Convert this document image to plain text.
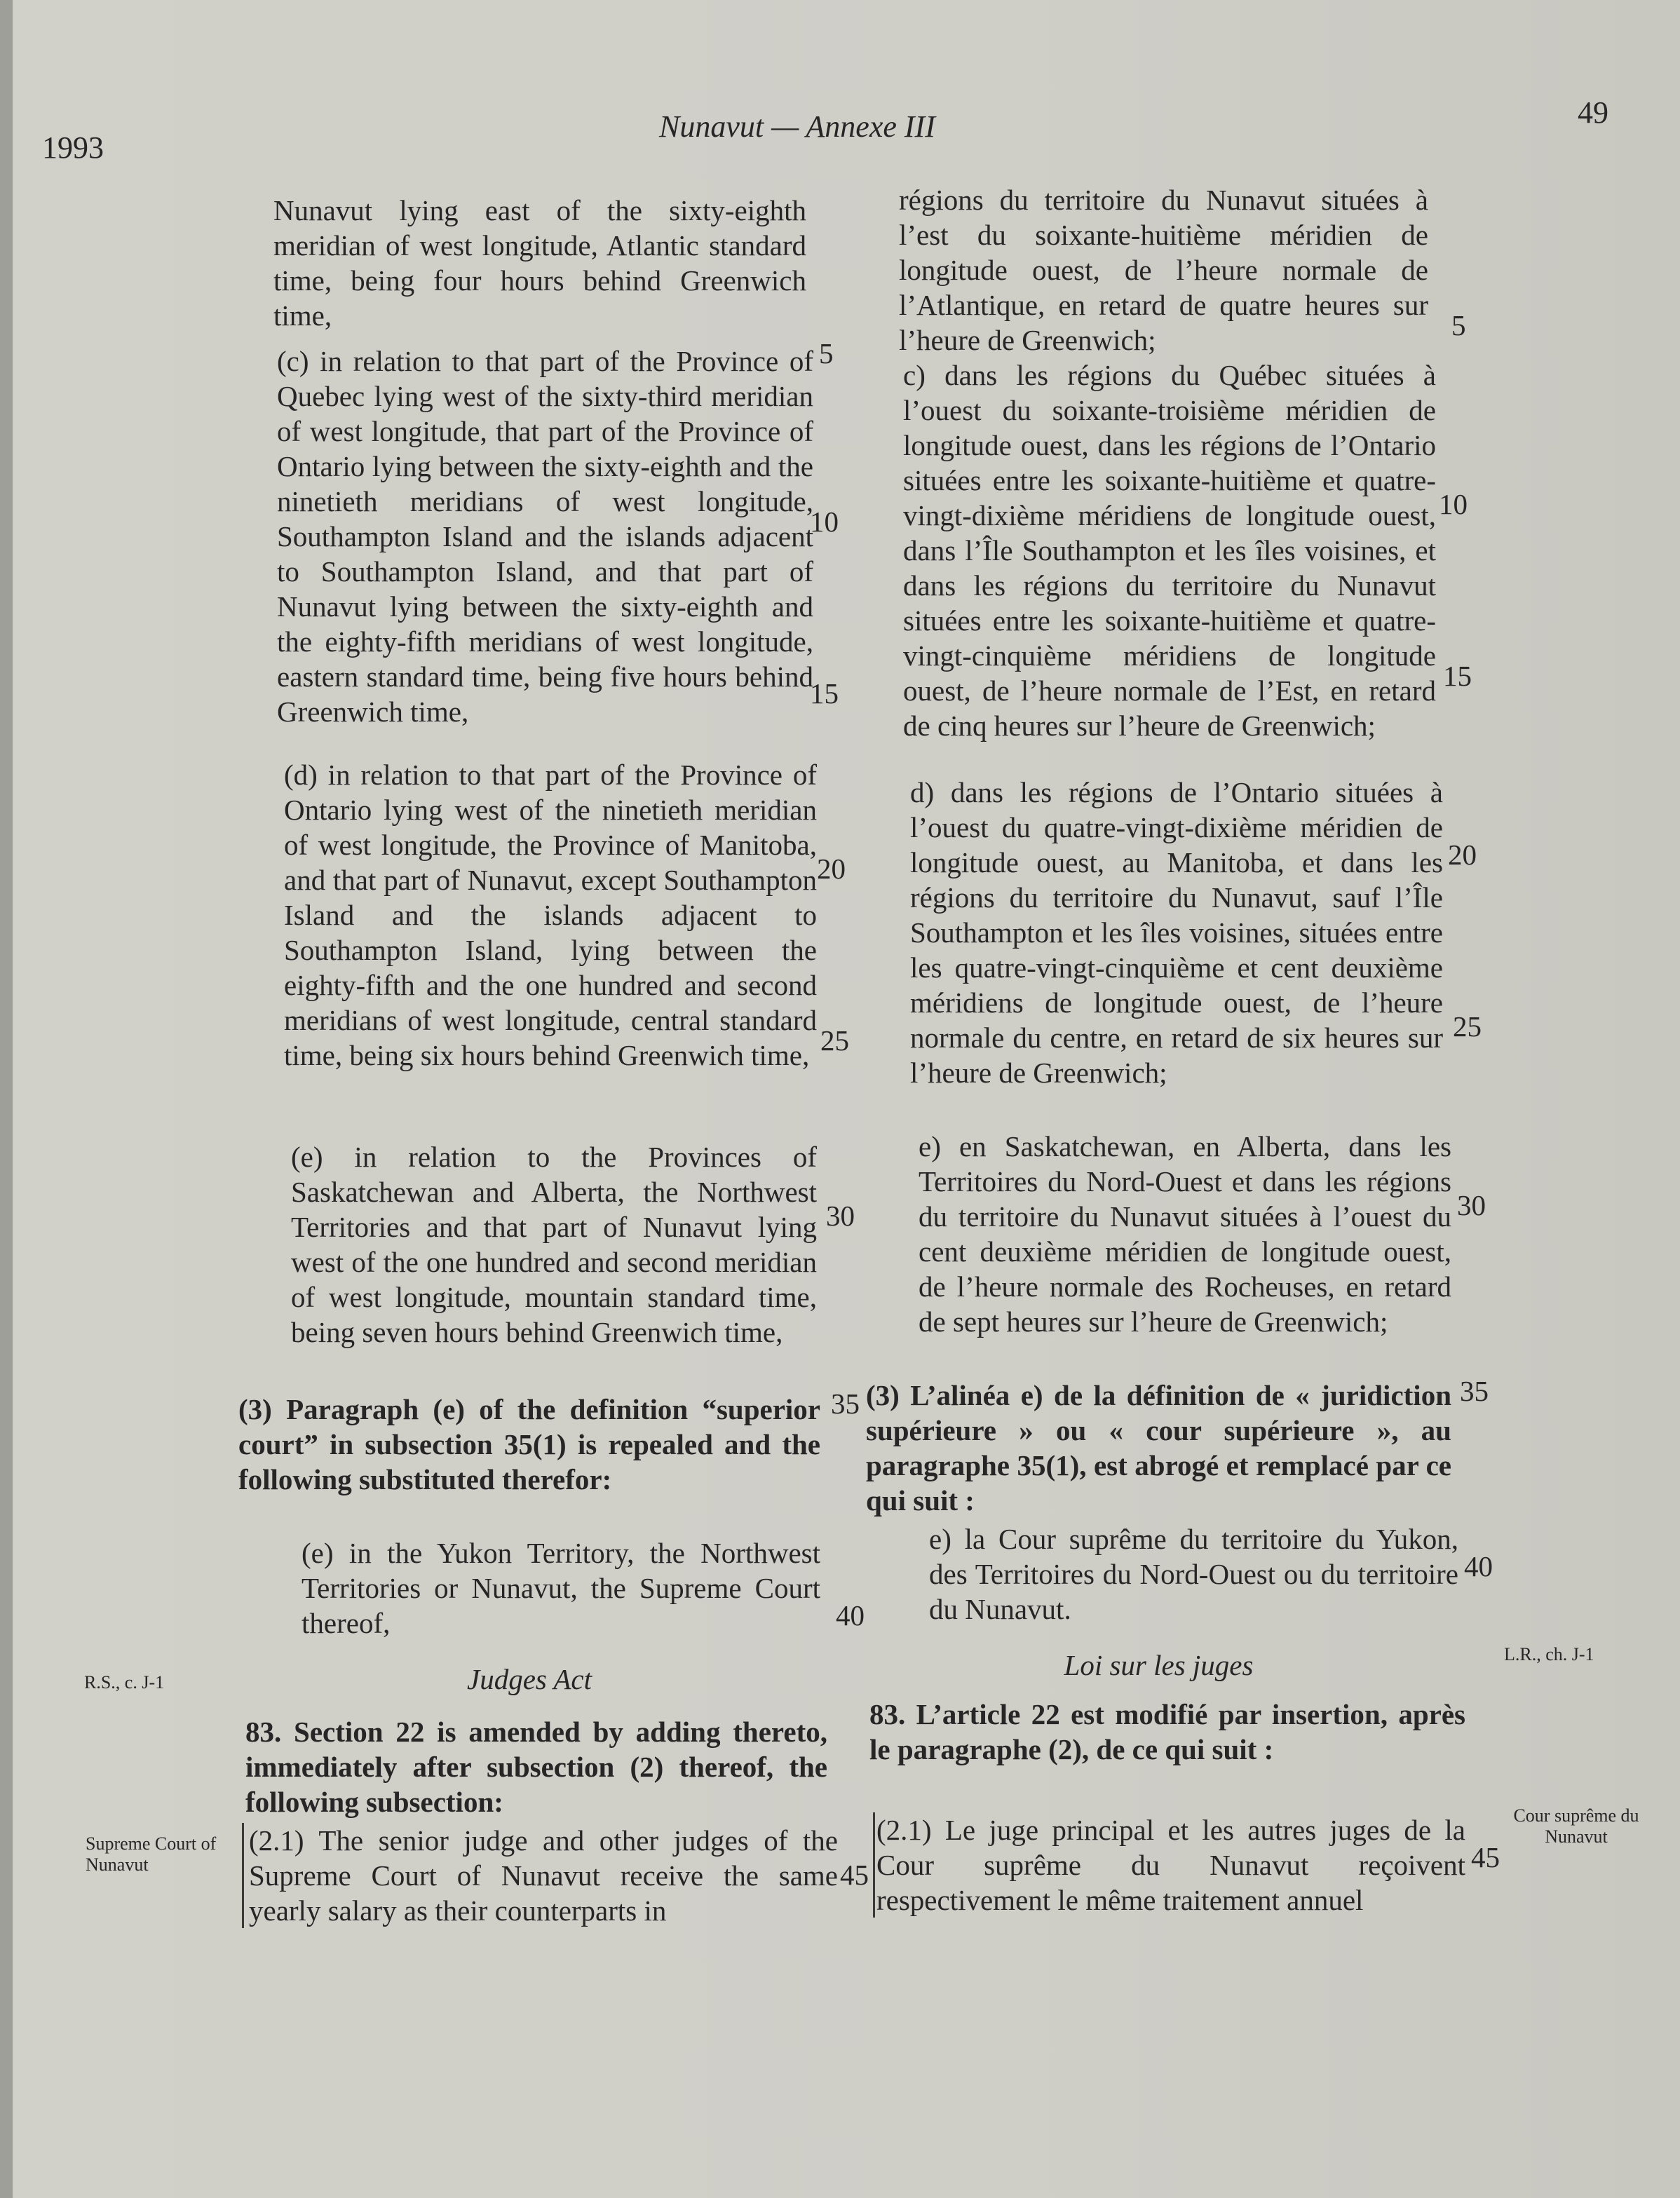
1993
Nunavut — Annexe III	49

Nunavut lying east of the sixty-eighth meridian of west longitude, Atlantic standard time, being four hours behind Greenwich time,

(c) in relation to that part of the Province of Quebec lying west of the sixty-third meridian of west longitude, that part of the Province of Ontario lying between the sixty-eighth and the ninetieth meridians of west longitude, Southampton Island and the islands adjacent to Southampton Island, and that part of Nunavut lying between the sixty-eighth and the eighty-fifth meridians of west longitude, eastern standard time, being five hours behind Greenwich time,

(d) in relation to that part of the Province of Ontario lying west of the ninetieth meridian of west longitude, the Province of Manitoba, and that part of Nunavut, except Southampton Island and the islands adjacent to Southampton Island, lying between the eighty-fifth and the one hundred and second meridians of west longitude, central standard time, being six hours behind Greenwich time,

(e) in relation to the Provinces of Saskatchewan and Alberta, the Northwest Territories and that part of Nunavut lying west of the one hundred and second meridian of west longitude, mountain standard time, being seven hours behind Greenwich time,

(3) Paragraph (e) of the definition “superior court” in subsection 35(1) is repealed and the following substituted therefor:

(e) in the Yukon Territory, the Northwest Territories or Nunavut, the Supreme Court thereof,

Judges Act

83. Section 22 is amended by adding thereto, immediately after subsection (2) thereof, the following subsection:

(2.1) The senior judge and other judges of the Supreme Court of Nunavut receive the same yearly salary as their counterparts in

régions du territoire du Nunavut situées à l’est du soixante-huitième méridien de longitude ouest, de l’heure normale de l’Atlantique, en retard de quatre heures sur l’heure de Greenwich;

c) dans les régions du Québec situées à l’ouest du soixante-troisième méridien de longitude ouest, dans les régions de l’Ontario situées entre les soixante-huitième et quatre-vingt-dixième méridiens de longitude ouest, dans l’Île Southampton et les îles voisines, et dans les régions du territoire du Nunavut situées entre les soixante-huitième et quatre-vingt-cinquième méridiens de longitude ouest, de l’heure normale de l’Est, en retard de cinq heures sur l’heure de Greenwich;

d) dans les régions de l’Ontario situées à l’ouest du quatre-vingt-dixième méridien de longitude ouest, au Manitoba, et dans les régions du territoire du Nunavut, sauf l’Île Southampton et les îles voisines, situées entre les quatre-vingt-cinquième et cent deuxième méridiens de longitude ouest, de l’heure normale du centre, en retard de six heures sur l’heure de Greenwich;

e) en Saskatchewan, en Alberta, dans les Territoires du Nord-Ouest et dans les régions du territoire du Nunavut situées à l’ouest du cent deuxième méridien de longitude ouest, de l’heure normale des Rocheuses, en retard de sept heures sur l’heure de Greenwich;

(3) L’alinéa e) de la définition de « juridiction supérieure » ou « cour supérieure », au paragraphe 35(1), est abrogé et remplacé par ce qui suit :

e) la Cour suprême du territoire du Yukon, des Territoires du Nord-Ouest ou du territoire du Nunavut.

Loi sur les juges

83. L’article 22 est modifié par insertion, après le paragraphe (2), de ce qui suit :

(2.1) Le juge principal et les autres juges de la Cour suprême du Nunavut reçoivent respectivement le même traitement annuel

5
10
15
20
25
30
35
40
45
5
10
15
20
25
30
35
40
45
R.S., c. J-1
Supreme Court of Nunavut
L.R., ch. J-1
Cour suprême du Nunavut
